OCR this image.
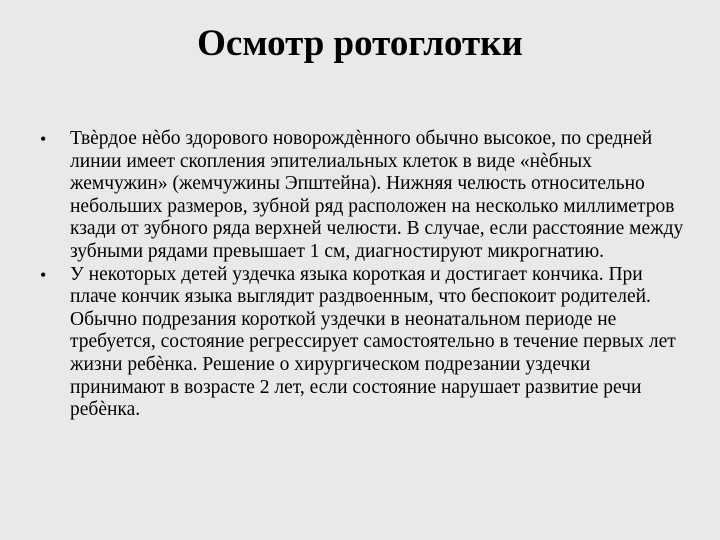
Осмотр ротоглотки
•	Твѐрдое нѐбо здорового новорождѐнного обычно высокое, по средней линии имеет скопления эпителиальных клеток в виде «нѐбных жемчужин» (жемчужины Эпштейна). Нижняя челюсть относительно небольших размеров, зубной ряд расположен на несколько миллиметров кзади от зубного ряда верхней челюсти. В случае, если расстояние между зубными рядами превышает 1 см, диагностируют микрогнатию.
•	У некоторых детей уздечка языка короткая и достигает кончика. При плаче кончик языка выглядит раздвоенным, что беспокоит родителей. Обычно подрезания короткой уздечки в неонатальном периоде не требуется, состояние регрессирует самостоятельно в течение первых лет жизни ребѐнка. Решение о хирургическом подрезании уздечки принимают в возрасте 2 лет, если состояние нарушает развитие речи ребѐнка.
